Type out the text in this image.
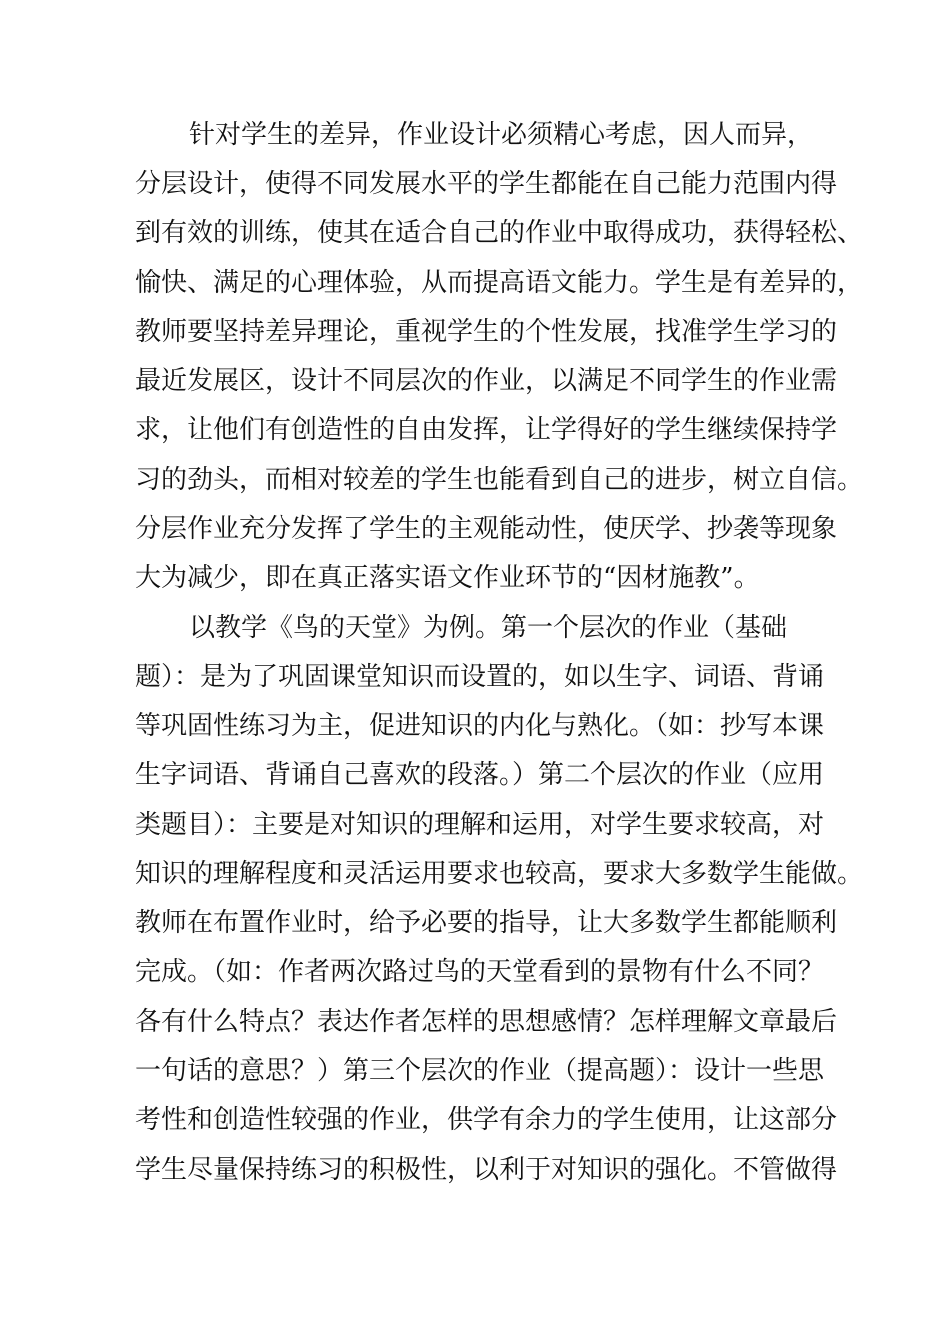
针对学生的差异，作业设计必须精心考虑，因人而异，
分层设计，使得不同发展水平的学生都能在自己能力范围内得
到有效的训练，使其在适合自己的作业中取得成功，获得轻松、
愉快、满足的心理体验，从而提高语文能力。学生是有差异的，
教师要坚持差异理论，重视学生的个性发展，找准学生学习的
最近发展区，设计不同层次的作业，以满足不同学生的作业需
求，让他们有创造性的自由发挥，让学得好的学生继续保持学
习的劲头，而相对较差的学生也能看到自己的进步，树立自信。
分层作业充分发挥了学生的主观能动性，使厌学、抄袭等现象
大为减少，即在真正落实语文作业环节的“因材施教”。
以教学《鸟的天堂》为例。第一个层次的作业（基础
题）：是为了巩固课堂知识而设置的，如以生字、词语、背诵
等巩固性练习为主，促进知识的内化与熟化。（如：抄写本课
生字词语、背诵自己喜欢的段落。）第二个层次的作业（应用
类题目）：主要是对知识的理解和运用，对学生要求较高，对
知识的理解程度和灵活运用要求也较高，要求大多数学生能做。
教师在布置作业时，给予必要的指导，让大多数学生都能顺利
完成。（如：作者两次路过鸟的天堂看到的景物有什么不同？
各有什么特点？表达作者怎样的思想感情？怎样理解文章最后
一句话的意思？）第三个层次的作业（提高题）：设计一些思
考性和创造性较强的作业，供学有余力的学生使用，让这部分
学生尽量保持练习的积极性，以利于对知识的强化。不管做得
